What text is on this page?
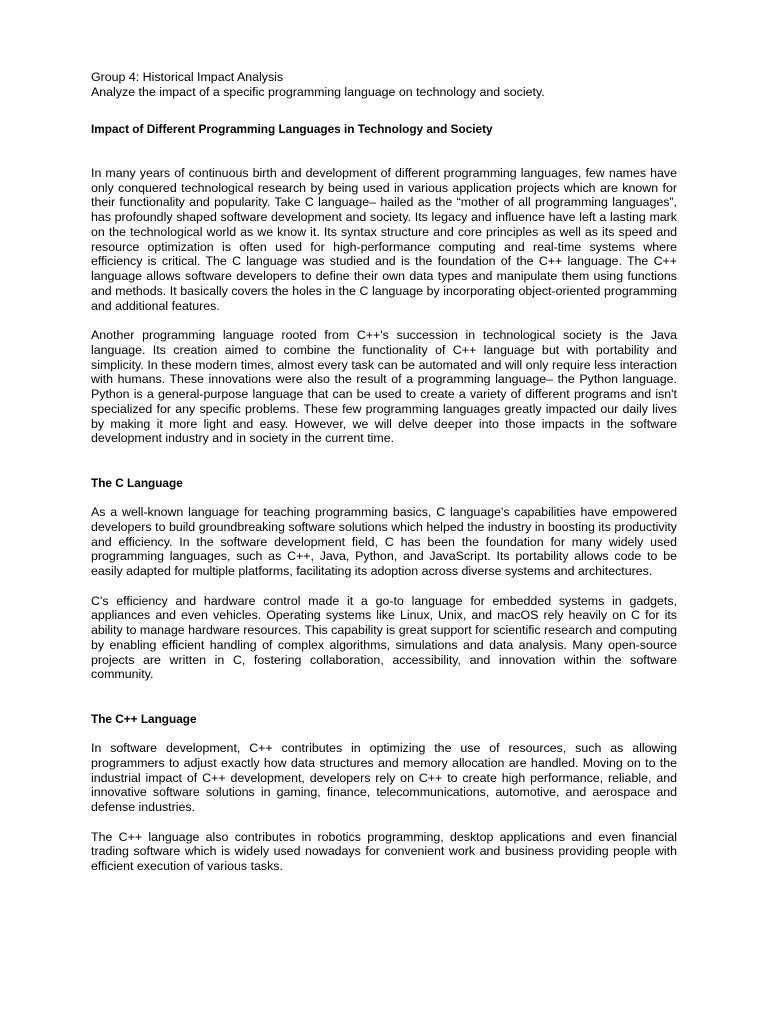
Group 4: Historical Impact Analysis

Analyze the impact of a specific programming language on technology and society.

Impact of Different Programming Languages in Technology and Society

In many years of continuous birth and development of different programming languages, few names have only conquered technological research by being used in various application projects which are known for their functionality and popularity. Take C language– hailed as the “mother of all programming languages”, has profoundly shaped software development and society. Its legacy and influence have left a lasting mark on the technological world as we know it. Its syntax structure and core principles as well as its speed and resource optimization is often used for high-performance computing and real-time systems where efficiency is critical. The C language was studied and is the foundation of the C++ language. The C++ language allows software developers to define their own data types and manipulate them using functions and methods. It basically covers the holes in the C language by incorporating object-oriented programming and additional features.

Another programming language rooted from C++'s succession in technological society is the Java language. Its creation aimed to combine the functionality of C++ language but with portability and simplicity. In these modern times, almost every task can be automated and will only require less interaction with humans. These innovations were also the result of a programming language– the Python language. Python is a general-purpose language that can be used to create a variety of different programs and isn't specialized for any specific problems. These few programming languages greatly impacted our daily lives by making it more light and easy. However, we will delve deeper into those impacts in the software development industry and in society in the current time.

The C Language

As a well-known language for teaching programming basics, C language's capabilities have empowered developers to build groundbreaking software solutions which helped the industry in boosting its productivity and efficiency. In the software development field, C has been the foundation for many widely used programming languages, such as C++, Java, Python, and JavaScript. Its portability allows code to be easily adapted for multiple platforms, facilitating its adoption across diverse systems and architectures.

C's efficiency and hardware control made it a go-to language for embedded systems in gadgets, appliances and even vehicles. Operating systems like Linux, Unix, and macOS rely heavily on C for its ability to manage hardware resources. This capability is great support for scientific research and computing by enabling efficient handling of complex algorithms, simulations and data analysis. Many open-source projects are written in C, fostering collaboration, accessibility, and innovation within the software community.

The C++ Language

In software development, C++ contributes in optimizing the use of resources, such as allowing programmers to adjust exactly how data structures and memory allocation are handled. Moving on to the industrial impact of C++ development, developers rely on C++ to create high performance, reliable, and innovative software solutions in gaming, finance, telecommunications, automotive, and aerospace and defense industries.

The C++ language also contributes in robotics programming, desktop applications and even financial trading software which is widely used nowadays for convenient work and business providing people with efficient execution of various tasks.
